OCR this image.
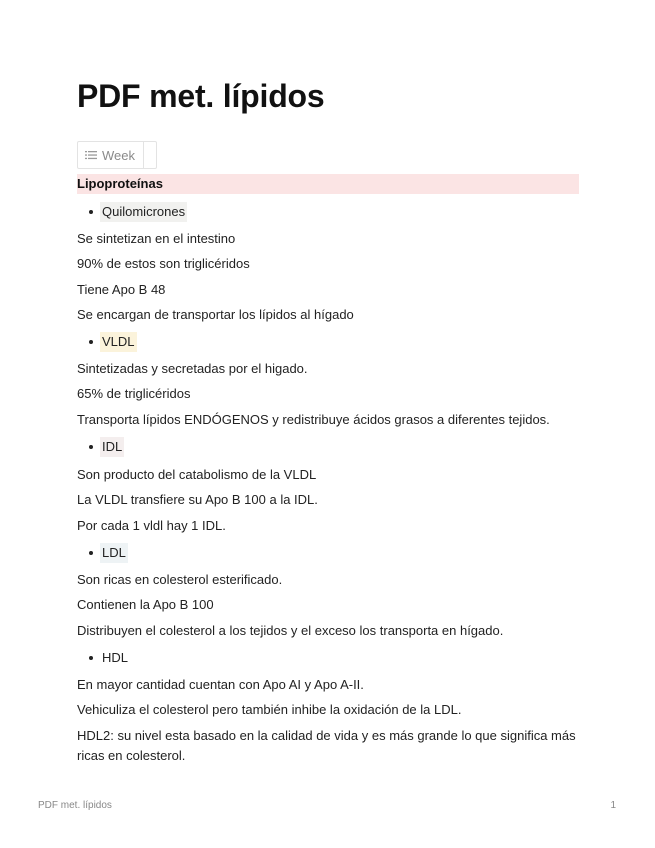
PDF met. lípidos
Week
Lipoproteínas
Quilomicrones
Se sintetizan en el intestino
90% de estos son triglicéridos
Tiene Apo B 48
Se encargan de transportar los lípidos al hígado
VLDL
Sintetizadas y secretadas por el higado.
65% de triglicéridos
Transporta lípidos ENDÓGENOS y redistribuye ácidos grasos a diferentes tejidos.
IDL
Son producto del catabolismo de la VLDL
La VLDL transfiere su Apo B 100 a la IDL.
Por cada 1 vldl hay 1 IDL.
LDL
Son ricas en colesterol esterificado.
Contienen la Apo B 100
Distribuyen el colesterol a los tejidos y el exceso los transporta en hígado.
HDL
En mayor cantidad cuentan con Apo AI y Apo A-II.
Vehiculiza el colesterol pero también inhibe la oxidación de la LDL.
HDL2: su nivel esta basado en la calidad de vida y es más grande lo que significa más ricas en colesterol.
PDF met. lípidos	1
